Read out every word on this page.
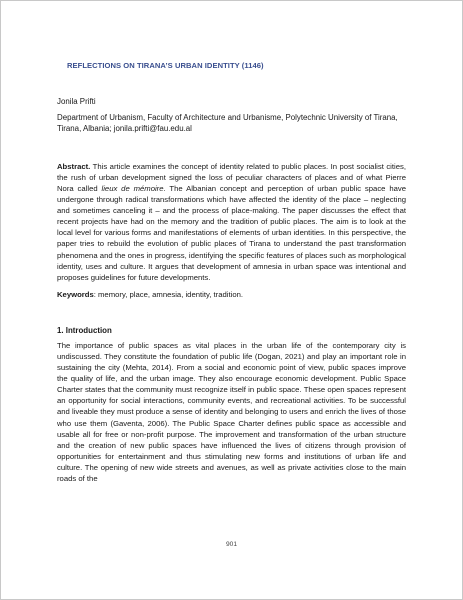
REFLECTIONS ON TIRANA’S URBAN IDENTITY (1146)
Jonila Prifti
Department of Urbanism, Faculty of Architecture and Urbanisme, Polytechnic University of Tirana, Tirana, Albania; jonila.prifti@fau.edu.al
Abstract. This article examines the concept of identity related to public places. In post socialist cities, the rush of urban development signed the loss of peculiar characters of places and of what Pierre Nora called lieux de mémoire. The Albanian concept and perception of urban public space have undergone through radical transformations which have affected the identity of the place – neglecting and sometimes canceling it – and the process of place-making. The paper discusses the effect that recent projects have had on the memory and the tradition of public places. The aim is to look at the local level for various forms and manifestations of elements of urban identities. In this perspective, the paper tries to rebuild the evolution of public places of Tirana to understand the past transformation phenomena and the ones in progress, identifying the specific features of places such as morphological identity, uses and culture. It argues that development of amnesia in urban space was intentional and proposes guidelines for future developments.
Keywords: memory, place, amnesia, identity, tradition.
1. Introduction
The importance of public spaces as vital places in the urban life of the contemporary city is undiscussed. They constitute the foundation of public life (Dogan, 2021) and play an important role in sustaining the city (Mehta, 2014). From a social and economic point of view, public spaces improve the quality of life, and the urban image. They also encourage economic development. Public Space Charter states that the community must recognize itself in public space. These open spaces represent an opportunity for social interactions, community events, and recreational activities. To be successful and liveable they must produce a sense of identity and belonging to users and enrich the lives of those who use them (Gaventa, 2006). The Public Space Charter defines public space as accessible and usable all for free or non-profit purpose. The improvement and transformation of the urban structure and the creation of new public spaces have influenced the lives of citizens through provision of opportunities for entertainment and thus stimulating new forms and institutions of urban life and culture. The opening of new wide streets and avenues, as well as private activities close to the main roads of the
901
